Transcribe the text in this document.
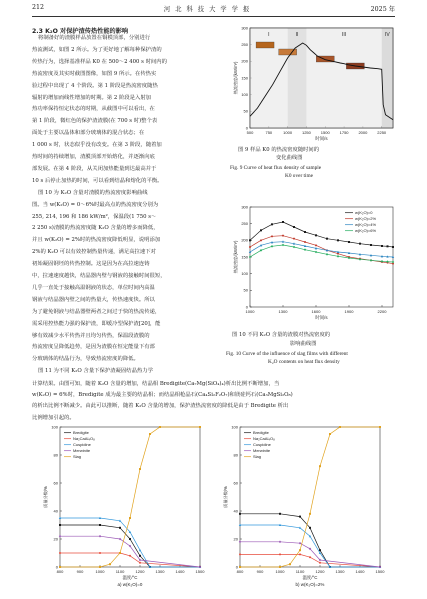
212	河 北 科 技 大 学 学 报	2025 年
2.3 K₂O 对保护渣传热性能的影响
将制备好的渣膜样品放置在铜模顶部，分别进行
热流测试，如图 2 所示。为了更好地了解每种保护渣的
传热行为，选择基准样品 K0 在 500～2 400 s 时间内的
热流密度及其实时截图图像，如图 9 所示。在传热实
验过程中出现了 4 个阶段。第 1 阶段是热流密度随热
辐射的增加而线性增加的时期。第 2 阶段是入射加
热功率保持恒定状态的时期，从截图中可以看出，在
第 1 阶段，微红色的保护渣渣膜(在 700 s 时)整个表
面处于主要以晶体和部分玻璃体的混合状态；在
1 000 s 时，状态似乎没有改变。在第 3 阶段，随着加
热时间的持续增加，渣膜顶部开始熔化，并逐渐向底
部发展。在第 4 阶段，从关闭加热能量到达最高并于
10 s 后停止加热的时间，可以看到结晶和熔化的平衡。
图 10 为 K₂O 含量对渣膜的热流密度影响曲线
图。当 w(K₂O) = 0～6%时最高点的热流密度分别为
255, 214, 196 和 186 kW/m²，保温段(1 750 s～
2 250 s)渣膜的热流密度随 K₂O 含量的增多而降低，
并且 w(K₂O) = 2%时的热流密度降低明显，说明添加
2%的 K₂O 可以有效控制热量传递，满足高拉速下对
初始凝固钢坯的传热控制。这是因为在高拉速连铸
中，拉速速度越快，结晶器内壁与钢液的接触时间很短，
几乎一直处于接触高温钢液的状态，单位时间内高温
钢液与结晶器内壁之间的热量大，传热速度快。所以
为了避免钢液与结晶器壁两者之间过于快的热流传递，
需采用控热能力强的保护渣，即缓冷型保护渣[20]，能
够有效减少水平传热并且均匀传热，保温段渣膜的
热流密度呈降低趋势，是因为渣膜在恒定能量下有部
分玻璃体的结晶行为，导致热流密度的降低。
图 11 为不同 K₂O 含量下保护渣凝固结晶热力学
500	750	1000 1250 1500 1750 2000 2250
0
50
100
150
200
250
300
时间/s
热流密度/(kW/m²)
I	II	III	IV
图 9 样品 K0 的热流密度随时间的
变化曲线图
Fig. 9 Curve of heat flux density of sample
K0 over time
1000	1300	1600	1900	2200
0
50
100
150
200
250
300
时间/s
热流密度/(kW/m²)
w(K₂O)=0
w(K₂O)=2%
w(K₂O)=4%
w(K₂O)=6%
图 10 不同 K₂O 含量的渣膜对热流密度的
影响曲线图
Fig. 10 Curve of the influence of slag films with different
K₂O contents on heat flux density
计算结果。由图可知，随着 K₂O 含量的增加，结晶相 Bredigite(Ca₇Mg(SiO₄)₄)析出比例不断增加，当
w(K₂O) = 6%时，Bredigite 成为最主要的结晶相；而结晶相枪晶石(Ca₄Si₂F₂O₇)和镁硅钙石(Ca₃MgSi₂O₈)
的析出比例不断减少。由此可以推断，随着 K₂O 含量的增加，保护渣热流密度的降低是由于 Bredigite 析出
比例增加引起的。
800	900	1000	1100	1200	1300	1400	1500
0
20
40
60
80
100
温度/°C
质量分数/%
Bredigite
Na₂CaAl₄O₈
Cuspidine
Merwinite
Slag
a) w(K₂O)=0
800	900	1000	1100	1200	1300	1400	1500
0
20
40
60
80
100
温度/°C
质量分数/%
Bredigite
Na₂CaAl₄O₈
Cuspidine
Merwinite
Slag
b) w(K₂O)=2%
